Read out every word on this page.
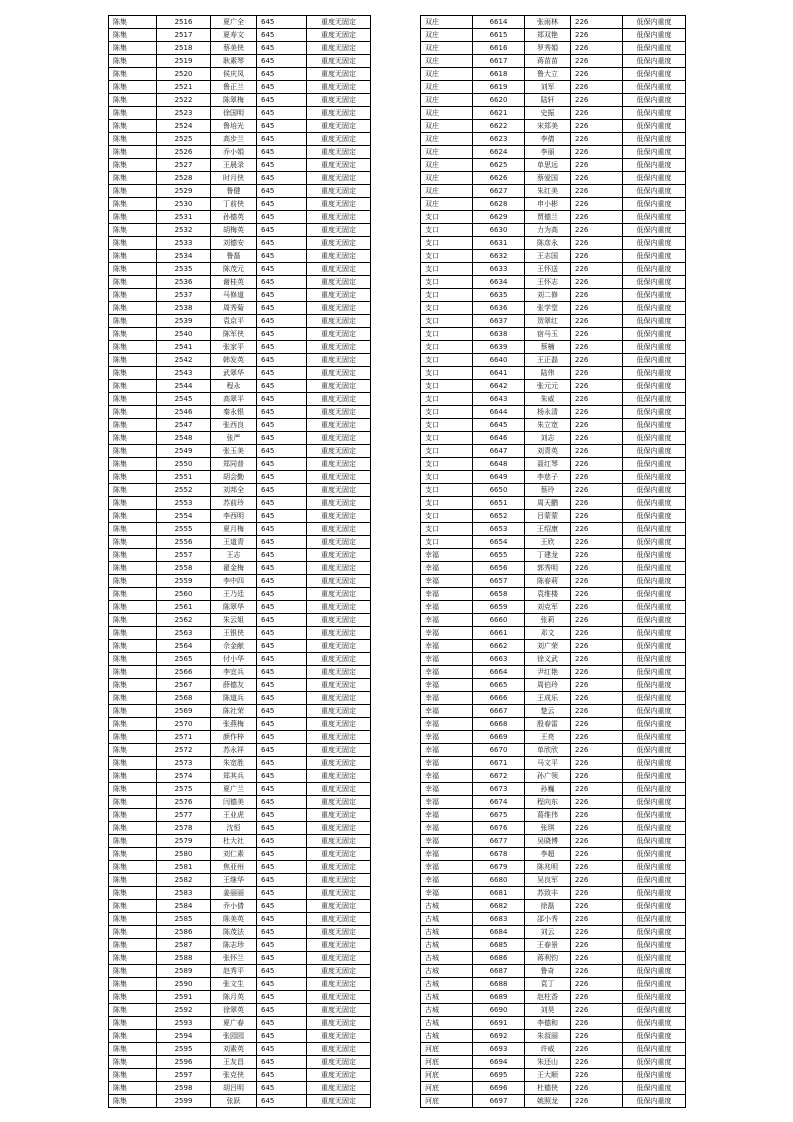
陈集	2516	夏广全	645	重度无固定
陈集	2517	夏寿文	645	重度无固定
陈集	2518	蔡美侠	645	重度无固定
陈集	2519	耿素琴	645	重度无固定
陈集	2520	侯庆凤	645	重度无固定
陈集	2521	鲁正兰	645	重度无固定
陈集	2522	陈翠梅	645	重度无固定
陈集	2523	徐国明	645	重度无固定
陈集	2524	鲁培光	645	重度无固定
陈集	2525	高步兰	645	重度无固定
陈集	2526	乔小娟	645	重度无固定
陈集	2527	王晨录	645	重度无固定
陈集	2528	时月侠	645	重度无固定
陈集	2529	鲁健	645	重度无固定
陈集	2530	丁前侠	645	重度无固定
陈集	2531	孙德英	645	重度无固定
陈集	2532	胡梅英	645	重度无固定
陈集	2533	刘德安	645	重度无固定
陈集	2534	鲁磊	645	重度无固定
陈集	2535	陈茂元	645	重度无固定
陈集	2536	谢桂英	645	重度无固定
陈集	2537	马修道	645	重度无固定
陈集	2538	周秀菊	645	重度无固定
陈集	2539	袁京平	645	重度无固定
陈集	2540	陈军侠	645	重度无固定
陈集	2541	张家平	645	重度无固定
陈集	2542	韩发英	645	重度无固定
陈集	2543	武翠华	645	重度无固定
陈集	2544	程永	645	重度无固定
陈集	2545	高翠平	645	重度无固定
陈集	2546	秦永银	645	重度无固定
陈集	2547	张西良	645	重度无固定
陈集	2548	张严	645	重度无固定
陈集	2549	张玉美	645	重度无固定
陈集	2550	郑同普	645	重度无固定
陈集	2551	胡会勤	645	重度无固定
陈集	2552	刘邦全	645	重度无固定
陈集	2553	苏前玲	645	重度无固定
陈集	2554	李西明	645	重度无固定
陈集	2555	夏月梅	645	重度无固定
陈集	2556	王道青	645	重度无固定
陈集	2557	王志	645	重度无固定
陈集	2558	翟金梅	645	重度无固定
陈集	2559	李中四	645	重度无固定
陈集	2560	王乃廷	645	重度无固定
陈集	2561	陈翠华	645	重度无固定
陈集	2562	朱云姐	645	重度无固定
陈集	2563	王银侠	645	重度无固定
陈集	2564	佘金献	645	重度无固定
陈集	2565	付小华	645	重度无固定
陈集	2566	李宜兵	645	重度无固定
陈集	2567	薛德友	645	重度无固定
陈集	2568	陈道兵	645	重度无固定
陈集	2569	陈社荣	645	重度无固定
陈集	2570	张燕梅	645	重度无固定
陈集	2571	颜作梓	645	重度无固定
陈集	2572	苏永祥	645	重度无固定
陈集	2573	朱宽胜	645	重度无固定
陈集	2574	郑其兵	645	重度无固定
陈集	2575	夏广兰	645	重度无固定
陈集	2576	闫德美	645	重度无固定
陈集	2577	王业虎	645	重度无固定
陈集	2578	沈恒	645	重度无固定
陈集	2579	杜大社	645	重度无固定
陈集	2580	刘仁素	645	重度无固定
陈集	2581	焦亚州	645	重度无固定
陈集	2582	王继华	645	重度无固定
陈集	2583	姜丽丽	645	重度无固定
陈集	2584	乔小倩	645	重度无固定
陈集	2585	陈美英	645	重度无固定
陈集	2586	陈茂法	645	重度无固定
陈集	2587	陈志珍	645	重度无固定
陈集	2588	张怀兰	645	重度无固定
陈集	2589	赵秀平	645	重度无固定
陈集	2590	张文生	645	重度无固定
陈集	2591	陈月英	645	重度无固定
陈集	2592	徐翠英	645	重度无固定
陈集	2593	夏广春	645	重度无固定
陈集	2594	张园园	645	重度无固定
陈集	2595	刘素英	645	重度无固定
陈集	2596	王友昌	645	重度无固定
陈集	2597	张克侠	645	重度无固定
陈集	2598	胡吕明	645	重度无固定
陈集	2599	张跃	645	重度无固定
双庄	6614	张雨林	226	低保内重度
双庄	6615	郑双艳	226	低保内重度
双庄	6616	罗秀娟	226	低保内重度
双庄	6617	蒋苗苗	226	低保内重度
双庄	6618	鲁大立	226	低保内重度
双庄	6619	刘军	226	低保内重度
双庄	6620	陆轩	226	低保内重度
双庄	6621	史振	226	低保内重度
双庄	6622	宋郑美	226	低保内重度
双庄	6623	李倩	226	低保内重度
双庄	6624	李丽	226	低保内重度
双庄	6625	单思远	226	低保内重度
双庄	6626	蔡爱国	226	低保内重度
双庄	6627	朱红美	226	低保内重度
双庄	6628	申小彬	226	低保内重度
支口	6629	贾德兰	226	低保内重度
支口	6630	力为高	226	低保内重度
支口	6631	陈彦永	226	低保内重度
支口	6632	王志国	226	低保内重度
支口	6633	王怀送	226	低保内重度
支口	6634	王怀志	226	低保内重度
支口	6635	刘二修	226	低保内重度
支口	6636	张学堂	226	低保内重度
支口	6637	贺翠红	226	低保内重度
支口	6638	宿马玉	226	低保内重度
支口	6639	蔡楠	226	低保内重度
支口	6640	王正磊	226	低保内重度
支口	6641	陆伟	226	低保内重度
支口	6642	张元元	226	低保内重度
支口	6643	朱威	226	低保内重度
支口	6644	杨永清	226	低保内重度
支口	6645	朱立宽	226	低保内重度
支口	6646	刘志	226	低保内重度
支口	6647	刘青英	226	低保内重度
支口	6648	聂红琴	226	低保内重度
支口	6649	李慈子	226	低保内重度
支口	6650	蔡玲	226	低保内重度
支口	6651	周天鹏	226	低保内重度
支口	6652	吕蒙蒙	226	低保内重度
支口	6653	王绍康	226	低保内重度
支口	6654	王欣	226	低保内重度
幸福	6655	丁建龙	226	低保内重度
幸福	6656	郭秀明	226	低保内重度
幸福	6657	陈春莉	226	低保内重度
幸福	6658	袁维楼	226	低保内重度
幸福	6659	刘克军	226	低保内重度
幸福	6660	张莉	226	低保内重度
幸福	6661	邓文	226	低保内重度
幸福	6662	刘广荣	226	低保内重度
幸福	6663	徐义武	226	低保内重度
幸福	6664	尹红艳	226	低保内重度
幸福	6665	周伯玲	226	低保内重度
幸福	6666	王成乐	226	低保内重度
幸福	6667	楚云	226	低保内重度
幸福	6668	殷春雷	226	低保内重度
幸福	6669	王亮	226	低保内重度
幸福	6670	单欣欣	226	低保内重度
幸福	6671	马文平	226	低保内重度
幸福	6672	孙广领	226	低保内重度
幸福	6673	孙巍	226	低保内重度
幸福	6674	程向东	226	低保内重度
幸福	6675	葛维伟	226	低保内重度
幸福	6676	张琪	226	低保内重度
幸福	6677	吴晓博	226	低保内重度
幸福	6678	李超	226	低保内重度
幸福	6679	陈兆明	226	低保内重度
幸福	6680	吴良军	226	低保内重度
幸福	6681	苏致丰	226	低保内重度
古城	6682	徐磊	226	低保内重度
古城	6683	邵小秀	226	低保内重度
古城	6684	刘云	226	低保内重度
古城	6685	王春景	226	低保内重度
古城	6686	蒋利钧	226	低保内重度
古城	6687	鲁奇	226	低保内重度
古城	6688	袁丁	226	低保内重度
古城	6689	赵柱香	226	低保内重度
古城	6690	刘昊	226	低保内重度
古城	6691	李德和	226	低保内重度
古城	6692	朱叔丽	226	低保内重度
河底	6693	许威	226	低保内重度
河底	6694	朱还山	226	低保内重度
河底	6695	王大顺	226	低保内重度
河底	6696	杜德侠	226	低保内重度
河底	6697	姚照龙	226	低保内重度
